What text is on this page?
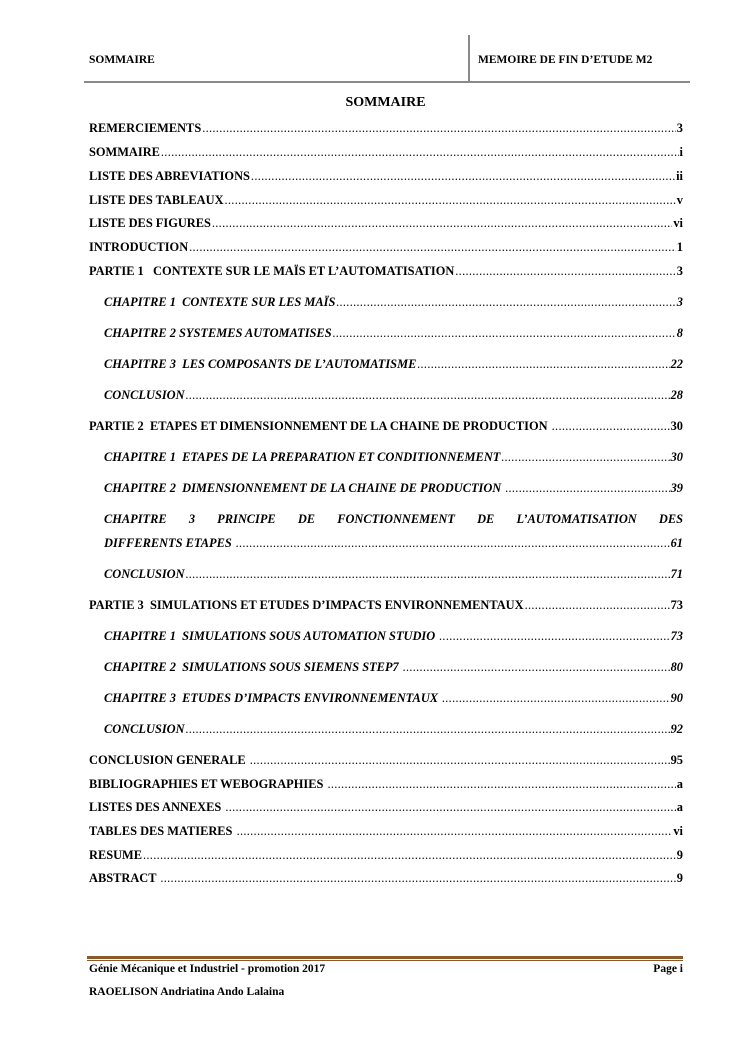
SOMMAIRE	MEMOIRE DE FIN D’ETUDE M2
SOMMAIRE
REMERCIEMENTS .....	3
SOMMAIRE .....	i
LISTE DES ABREVIATIONS .....	ii
LISTE DES TABLEAUX .....	v
LISTE DES FIGURES .....	vi
INTRODUCTION .....	1
PARTIE 1   CONTEXTE SUR LE MAÏS ET L’AUTOMATISATION .....	3
CHAPITRE 1  CONTEXTE SUR LES MAÏS .....	3
CHAPITRE 2 SYSTEMES AUTOMATISES .....	8
CHAPITRE 3  LES COMPOSANTS DE L’AUTOMATISME .....	22
CONCLUSION .....	28
PARTIE 2  ETAPES ET DIMENSIONNEMENT DE LA CHAINE DE PRODUCTION .....	30
CHAPITRE 1  ETAPES DE LA PREPARATION ET CONDITIONNEMENT .....	30
CHAPITRE 2  DIMENSIONNEMENT DE LA CHAINE DE PRODUCTION .....	39
CHAPITRE 3 PRINCIPE DE FONCTIONNEMENT DE L’AUTOMATISATION DES
DIFFERENTS ETAPES .....	61
CONCLUSION .....	71
PARTIE 3  SIMULATIONS ET ETUDES D’IMPACTS ENVIRONNEMENTAUX .....	73
CHAPITRE 1  SIMULATIONS SOUS AUTOMATION STUDIO .....	73
CHAPITRE 2  SIMULATIONS SOUS SIEMENS STEP7 .....	80
CHAPITRE 3  ETUDES D’IMPACTS ENVIRONNEMENTAUX .....	90
CONCLUSION .....	92
CONCLUSION GENERALE .....	95
BIBLIOGRAPHIES ET WEBOGRAPHIES .....	a
LISTES DES ANNEXES .....	a
TABLES DES MATIERES .....	vi
RESUME .....	9
ABSTRACT .....	9
Génie Mécanique et Industriel - promotion 2017	Page i
RAOELISON Andriatina Ando Lalaina
